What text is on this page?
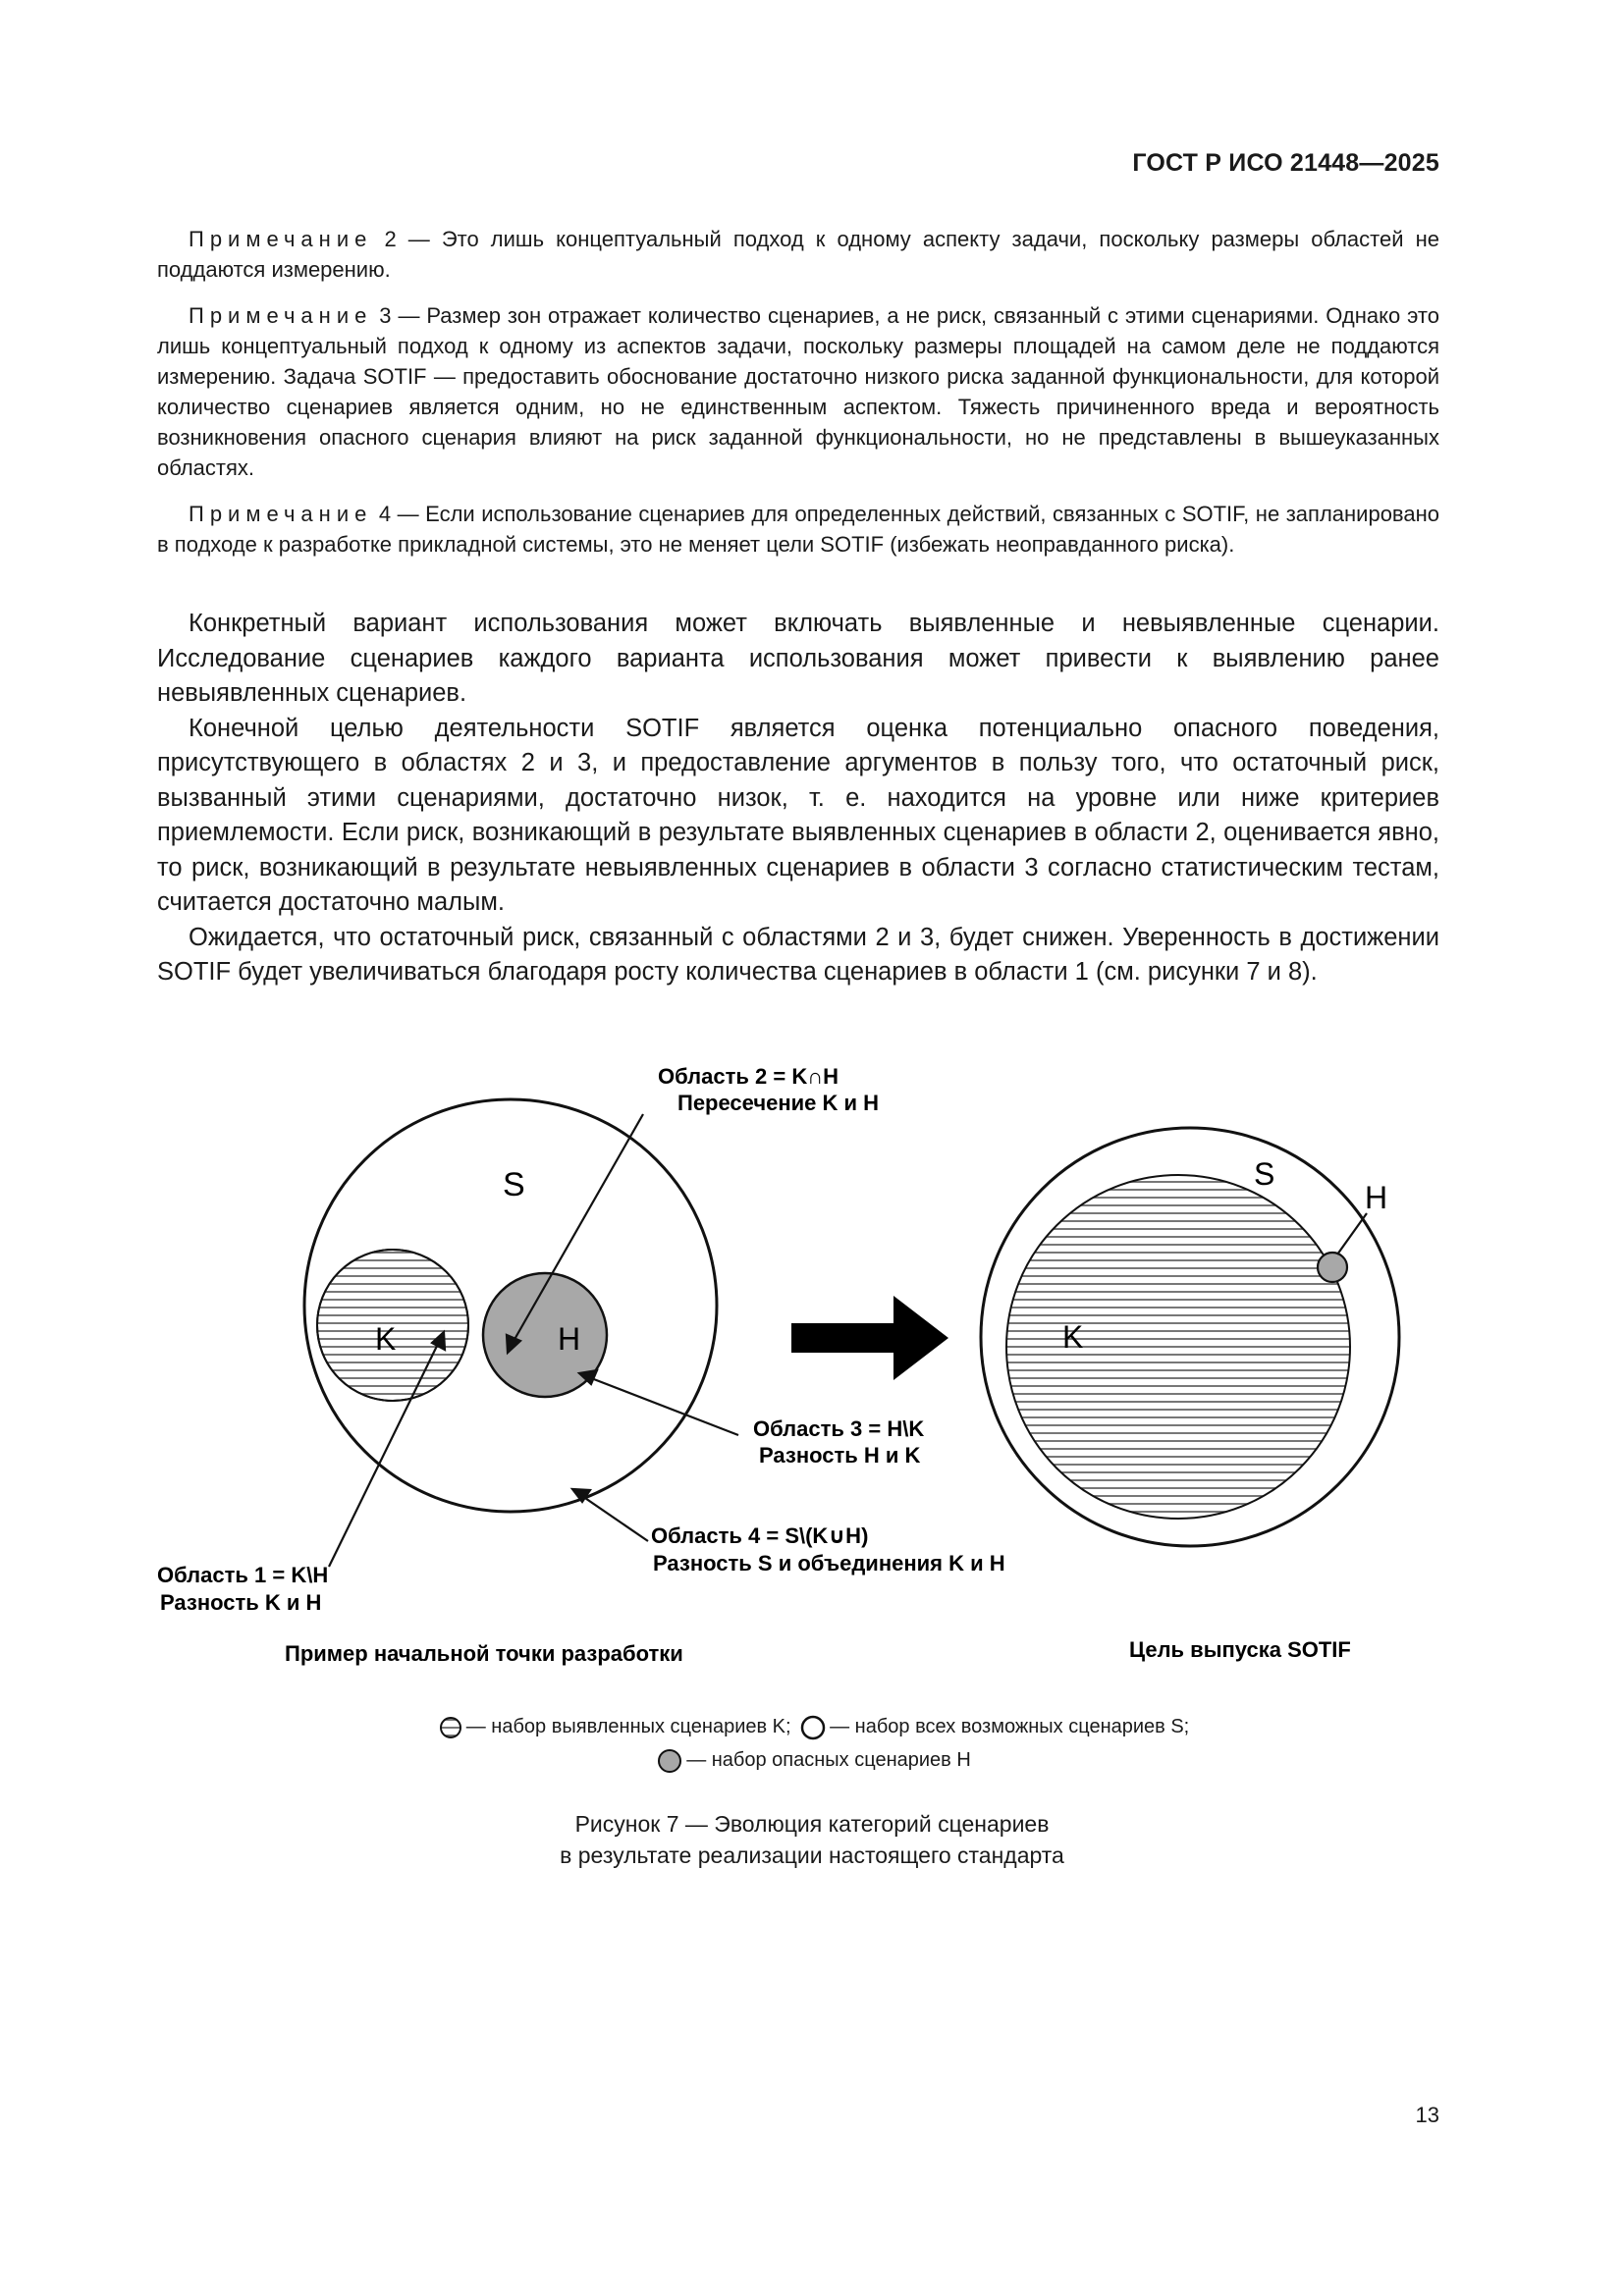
ГОСТ Р ИСО 21448—2025

Примечание 2 — Это лишь концептуальный подход к одному аспекту задачи, поскольку размеры областей не поддаются измерению.

Примечание 3 — Размер зон отражает количество сценариев, а не риск, связанный с этими сценариями. Однако это лишь концептуальный подход к одному из аспектов задачи, поскольку размеры площадей на самом деле не поддаются измерению. Задача SOTIF — предоставить обоснование достаточно низкого риска заданной функциональности, для которой количество сценариев является одним, но не единственным аспектом. Тяжесть причиненного вреда и вероятность возникновения опасного сценария влияют на риск заданной функциональности, но не представлены в вышеуказанных областях.

Примечание 4 — Если использование сценариев для определенных действий, связанных с SOTIF, не запланировано в подходе к разработке прикладной системы, это не меняет цели SOTIF (избежать неоправданного риска).

Конкретный вариант использования может включать выявленные и невыявленные сценарии. Исследование сценариев каждого варианта использования может привести к выявлению ранее невыявленных сценариев.

Конечной целью деятельности SOTIF является оценка потенциально опасного поведения, присутствующего в областях 2 и 3, и предоставление аргументов в пользу того, что остаточный риск, вызванный этими сценариями, достаточно низок, т. е. находится на уровне или ниже критериев приемлемости. Если риск, возникающий в результате выявленных сценариев в области 2, оценивается явно, то риск, возникающий в результате невыявленных сценариев в области 3 согласно статистическим тестам, считается достаточно малым.

Ожидается, что остаточный риск, связанный с областями 2 и 3, будет снижен. Уверенность в достижении SOTIF будет увеличиваться благодаря росту количества сценариев в области 1 (см. рисунки 7 и 8).

S
K	H
Область 2 = K∩H
Пересечение K и H
Область 3 = H\K
Разность H и K
Область 4 = S\(K∪H)
Разность S и объединения K и H
Область 1 = K\H
Разность K и H
Пример начальной точки разработки
S
H
K
Цель выпуска SOTIF
— набор выявленных сценариев K; — набор всех возможных сценариев S;
— набор опасных сценариев H
Рисунок 7 — Эволюция категорий сценариев
в результате реализации настоящего стандарта
13
